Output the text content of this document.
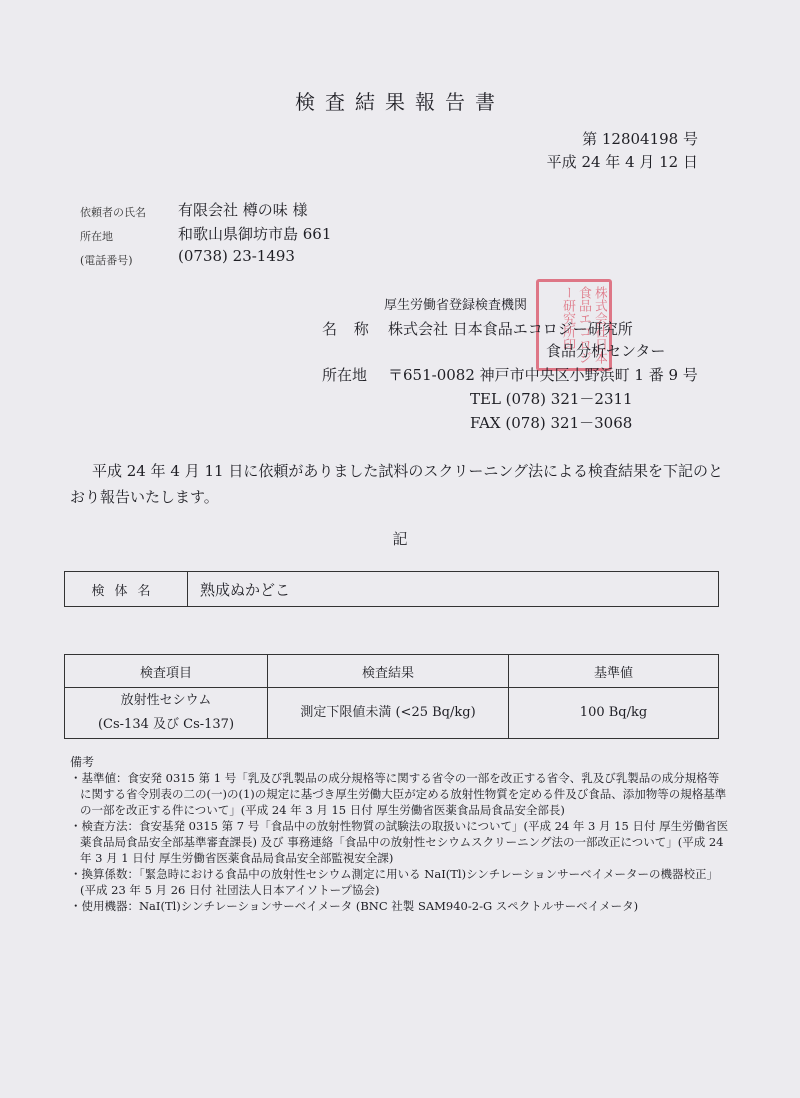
検査結果報告書
第 12804198 号
平成 24 年 4 月 12 日
依頼者の氏名 有限会社 樽の味 様
所在地	和歌山県御坊市島 661
(電話番号)	(0738) 23-1493
株式会社日本食品エコロジー研究所印
厚生労働省登録検査機関
名 称 株式会社 日本食品エコロジー研究所
食品分析センター
所在地 〒651-0082 神戸市中央区小野浜町 1 番 9 号
TEL (078) 321－2311
FAX (078) 321－3068
平成 24 年 4 月 11 日に依頼がありました試料のスクリーニング法による検査結果を下記のとおり報告いたします。
記
検体名	熟成ぬかどこ
検査項目	検査結果	基準値

放射性セシウム
(Cs-134 及び Cs-137)	測定下限値未満 (<25 Bq/kg)	100 Bq/kg
備考
・基準値：食安発 0315 第 1 号「乳及び乳製品の成分規格等に関する省令の一部を改正する省令、乳及び乳製品の成分規格等に関する省令別表の二の(一)の(1)の規定に基づき厚生労働大臣が定める放射性物質を定める件及び食品、添加物等の規格基準の一部を改正する件について」(平成 24 年 3 月 15 日付 厚生労働省医薬食品局食品安全部長)
・検査方法：食安基発 0315 第 7 号「食品中の放射性物質の試験法の取扱いについて」(平成 24 年 3 月 15 日付 厚生労働省医薬食品局食品安全部基準審査課長) 及び 事務連絡「食品中の放射性セシウムスクリーニング法の一部改正について」(平成 24 年 3 月 1 日付 厚生労働省医薬食品局食品安全部監視安全課)
・換算係数：「緊急時における食品中の放射性セシウム測定に用いる NaI(Tl)シンチレーションサーベイメーターの機器校正」(平成 23 年 5 月 26 日付 社団法人日本アイソトープ協会)
・使用機器：NaI(Tl)シンチレーションサーベイメータ (BNC 社製 SAM940-2-G スペクトルサーベイメータ)
